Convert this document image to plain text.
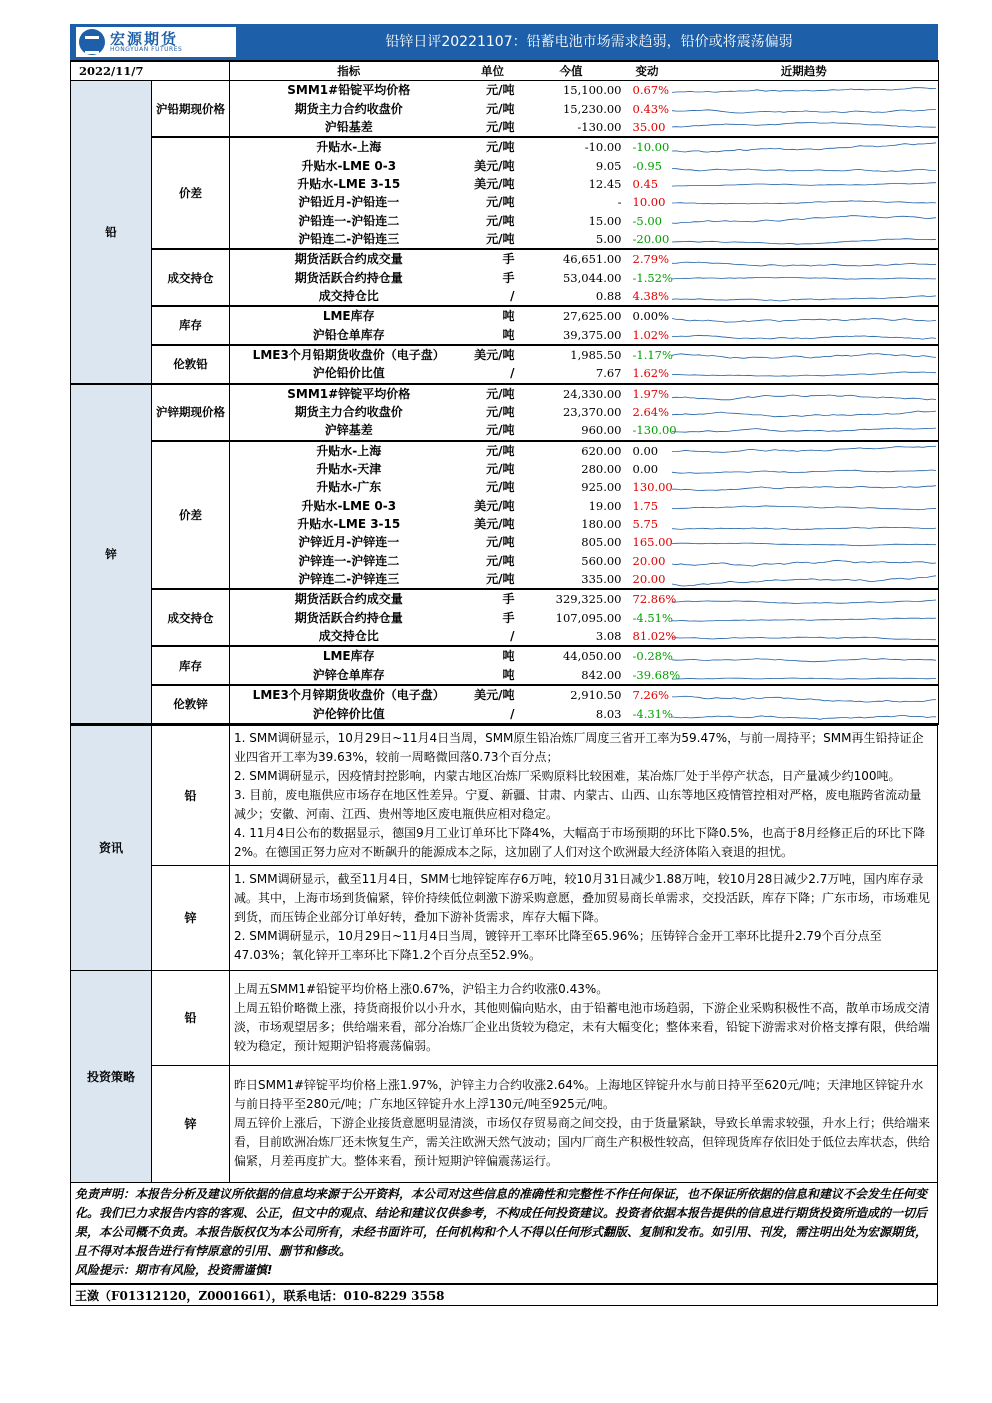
宏源期货
HONGYUAN FUTURES	铅锌日评20221107：铅蓄电池市场需求趋弱，铅价或将震荡偏弱
2022/11/7		指标	单位	今值	变动	近期趋势
铅	沪铅期现价格	SMM1#铅锭平均价格	元/吨	15,100.00	0.67%	

		期货主力合约收盘价	元/吨	15,230.00	0.43%	

		沪铅基差	元/吨	-130.00	35.00	

	价差	升贴水-上海	元/吨	-10.00	-10.00	

		升贴水-LME 0-3	美元/吨	9.05	-0.95	

		升贴水-LME 3-15	美元/吨	12.45	0.45	

		沪铅近月-沪铅连一	元/吨	-	10.00	

		沪铅连一-沪铅连二	元/吨	15.00	-5.00	

		沪铅连二-沪铅连三	元/吨	5.00	-20.00	

	成交持仓	期货活跃合约成交量	手	46,651.00	2.79%	

		期货活跃合约持仓量	手	53,044.00	-1.52%	

		成交持仓比	/	0.88	4.38%	

	库存	LME库存	吨	27,625.00	0.00%	

		沪铅仓单库存	吨	39,375.00	1.02%	

	伦敦铅	LME3个月铅期货收盘价（电子盘）	美元/吨	1,985.50	-1.17%	

		沪伦铅价比值	/	7.67	1.62%	

锌	沪锌期现价格	SMM1#锌锭平均价格	元/吨	24,330.00	1.97%	

		期货主力合约收盘价	元/吨	23,370.00	2.64%	

		沪锌基差	元/吨	960.00	-130.00	

	价差	升贴水-上海	元/吨	620.00	0.00	

		升贴水-天津	元/吨	280.00	0.00	

		升贴水-广东	元/吨	925.00	130.00	

		升贴水-LME 0-3	美元/吨	19.00	1.75	

		升贴水-LME 3-15	美元/吨	180.00	5.75	

		沪锌近月-沪锌连一	元/吨	805.00	165.00	

		沪锌连一-沪锌连二	元/吨	560.00	20.00	

		沪锌连二-沪锌连三	元/吨	335.00	20.00	

	成交持仓	期货活跃合约成交量	手	329,325.00	72.86%	

		期货活跃合约持仓量	手	107,095.00	-4.51%	

		成交持仓比	/	3.08	81.02%	

	库存	LME库存	吨	44,050.00	-0.28%	

		沪锌仓单库存	吨	842.00	-39.68%	

	伦敦锌	LME3个月锌期货收盘价（电子盘）	美元/吨	2,910.50	7.26%	

		沪伦锌价比值	/	8.03	-4.31%	
资讯	铅	1. SMM调研显示，10月29日~11月4日当周，SMM原生铅冶炼厂周度三省开工率为59.47%，与前一周持平；SMM再生铅持证企业四省开工率为39.63%，较前一周略微回落0.73个百分点；

2. SMM调研显示，因疫情封控影响，内蒙古地区冶炼厂采购原料比较困难，某冶炼厂处于半停产状态，日产量减少约100吨。

3. 目前，废电瓶供应市场存在地区性差异。宁夏、新疆、甘肃、内蒙古、山西、山东等地区疫情管控相对严格，废电瓶跨省流动量减少；安徽、河南、江西、贵州等地区废电瓶供应相对稳定。

4. 11月4日公布的数据显示，德国9月工业订单环比下降4%，大幅高于市场预期的环比下降0.5%，也高于8月经修正后的环比下降2%。在德国正努力应对不断飙升的能源成本之际，这加剧了人们对这个欧洲最大经济体陷入衰退的担忧。

	锌	1. SMM调研显示，截至11月4日，SMM七地锌锭库存6万吨，较10月31日减少1.88万吨，较10月28日减少2.7万吨，国内库存录减。其中，上海市场到货偏紧，锌价持续低位刺激下游采购意愿，叠加贸易商长单需求，交投活跃，库存下降；广东市场，市场难见到货，而压铸企业部分订单好转，叠加下游补货需求，库存大幅下降。

2. SMM调研显示，10月29日~11月4日当周，镀锌开工率环比降至65.96%；压铸锌合金开工率环比提升2.79个百分点至47.03%；氧化锌开工率环比下降1.2个百分点至52.9%。

投资策略	铅	上周五SMM1#铅锭平均价格上涨0.67%，沪铅主力合约收涨0.43%。

上周五铅价略微上涨，持货商报价以小升水，其他则偏向贴水，由于铅蓄电池市场趋弱，下游企业采购积极性不高，散单市场成交清淡，市场观望居多；供给端来看，部分冶炼厂企业出货较为稳定，未有大幅变化；整体来看，铅锭下游需求对价格支撑有限，供给端较为稳定，预计短期沪铅将震荡偏弱。

	锌	昨日SMM1#锌锭平均价格上涨1.97%，沪锌主力合约收涨2.64%。上海地区锌锭升水与前日持平至620元/吨；天津地区锌锭升水与前日持平至280元/吨；广东地区锌锭升水上浮130元/吨至925元/吨。

周五锌价上涨后，下游企业接货意愿明显清淡，市场仅存贸易商之间交投，由于货量紧缺，导致长单需求较强，升水上行；供给端来看，目前欧洲冶炼厂还未恢复生产，需关注欧洲天然气波动；国内厂商生产积极性较高，但锌现货库存依旧处于低位去库状态，供给偏紧，月差再度扩大。整体来看，预计短期沪锌偏震荡运行。

免责声明：本报告分析及建议所依据的信息均来源于公开资料，本公司对这些信息的准确性和完整性不作任何保证，也不保证所依据的信息和建议不会发生任何变化。我们已力求报告内容的客观、公正，但文中的观点、结论和建议仅供参考，不构成任何投资建议。投资者依据本报告提供的信息进行期货投资所造成的一切后果，本公司概不负责。本报告版权仅为本公司所有，未经书面许可，任何机构和个人不得以任何形式翻版、复制和发布。如引用、刊发，需注明出处为宏源期货，且不得对本报告进行有悖原意的引用、删节和修改。
风险提示：期市有风险，投资需谨慎!
王潋（F01312120，Z0001661），联系电话：010-8229 3558
